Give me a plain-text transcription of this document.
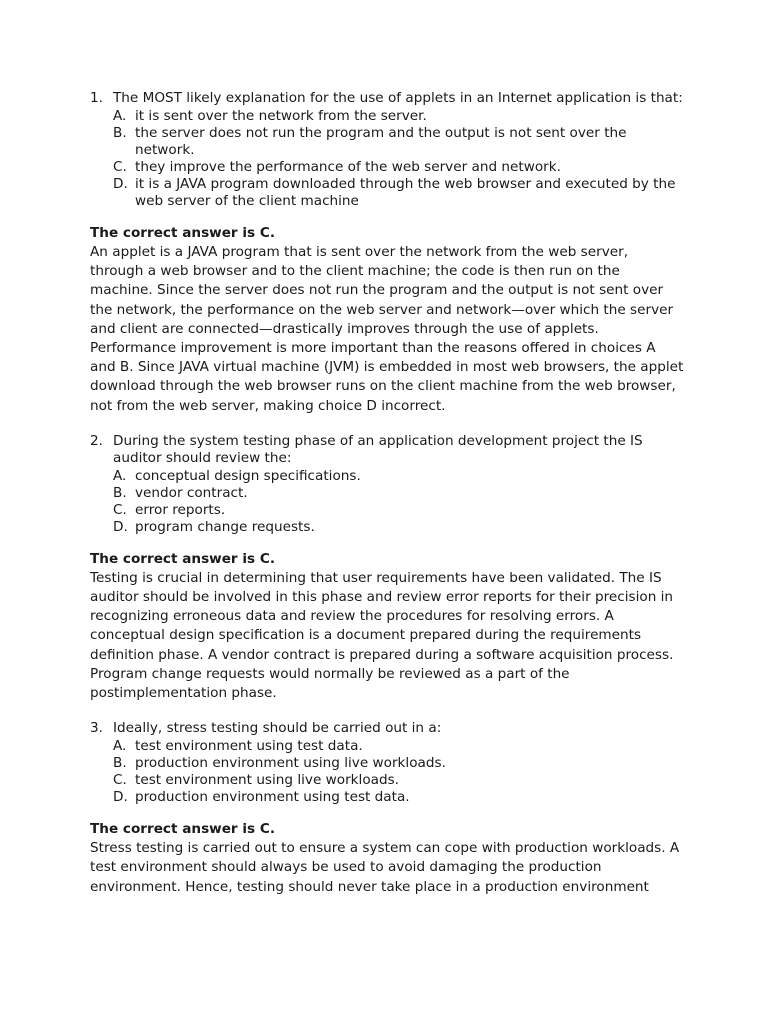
1. The MOST likely explanation for the use of applets in an Internet application is that:
A. it is sent over the network from the server.
B. the server does not run the program and the output is not sent over the network.
C. they improve the performance of the web server and network.
D. it is a JAVA program downloaded through the web browser and executed by the web server of the client machine
The correct answer is C.

An applet is a JAVA program that is sent over the network from the web server, through a web browser and to the client machine; the code is then run on the machine. Since the server does not run the program and the output is not sent over the network, the performance on the web server and network—over which the server and client are connected—drastically improves through the use of applets. Performance improvement is more important than the reasons offered in choices A and B. Since JAVA virtual machine (JVM) is embedded in most web browsers, the applet download through the web browser runs on the client machine from the web browser, not from the web server, making choice D incorrect.

2. During the system testing phase of an application development project the IS auditor should review the:
A. conceptual design specifications.
B. vendor contract.
C. error reports.
D. program change requests.
The correct answer is C.

Testing is crucial in determining that user requirements have been validated. The IS auditor should be involved in this phase and review error reports for their precision in recognizing erroneous data and review the procedures for resolving errors. A conceptual design specification is a document prepared during the requirements definition phase. A vendor contract is prepared during a software acquisition process. Program change requests would normally be reviewed as a part of the postimplementation phase.

3. Ideally, stress testing should be carried out in a:
A. test environment using test data.
B. production environment using live workloads.
C. test environment using live workloads.
D. production environment using test data.
The correct answer is C.

Stress testing is carried out to ensure a system can cope with production workloads. A test environment should always be used to avoid damaging the production environment. Hence, testing should never take place in a production environment
